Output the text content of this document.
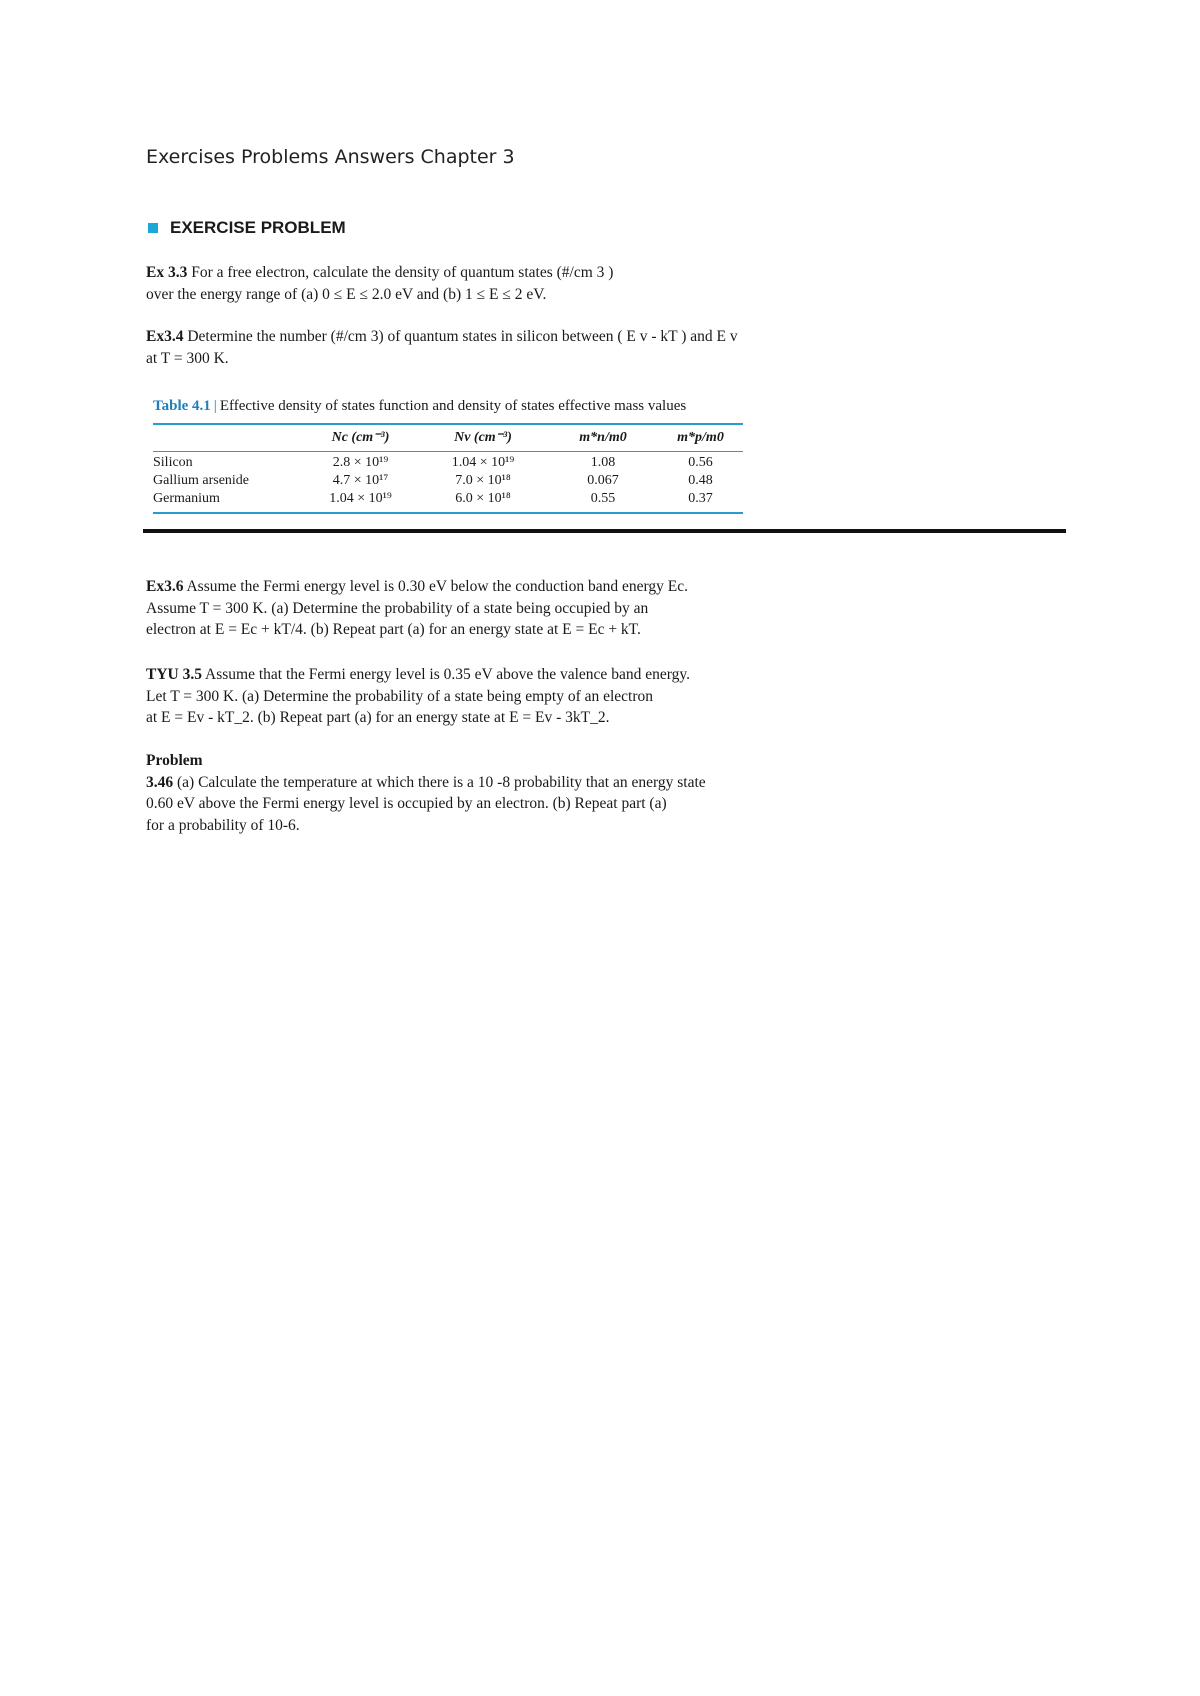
Exercises Problems Answers Chapter 3
EXERCISE PROBLEM

Ex 3.3 For a free electron, calculate the density of quantum states (#/cm 3 )

over the energy range of (a) 0 ≤ E ≤ 2.0 eV and (b) 1 ≤ E ≤ 2 eV.

Ex3.4 Determine the number (#/cm 3) of quantum states in silicon between ( E v - kT ) and E v

at T = 300 K.

Table 4.1 | Effective density of states function and density of states effective mass values
	Nc (cm⁻³)	Nv (cm⁻³)	m*n/m0	m*p/m0
Silicon	2.8 × 10¹⁹	1.04 × 10¹⁹	1.08	0.56
Gallium arsenide	4.7 × 10¹⁷	7.0 × 10¹⁸	0.067	0.48
Germanium	1.04 × 10¹⁹	6.0 × 10¹⁸	0.55	0.37

Ex3.6 Assume the Fermi energy level is 0.30 eV below the conduction band energy Ec.

Assume T = 300 K. (a) Determine the probability of a state being occupied by an

electron at E = Ec + kT/4. (b) Repeat part (a) for an energy state at E = Ec + kT.

TYU 3.5 Assume that the Fermi energy level is 0.35 eV above the valence band energy.

Let T = 300 K. (a) Determine the probability of a state being empty of an electron

at E = Ev - kT_2. (b) Repeat part (a) for an energy state at E = Ev - 3kT_2.

Problem

3.46 (a) Calculate the temperature at which there is a 10 -8 probability that an energy state

0.60 eV above the Fermi energy level is occupied by an electron. (b) Repeat part (a)

for a probability of 10-6.
